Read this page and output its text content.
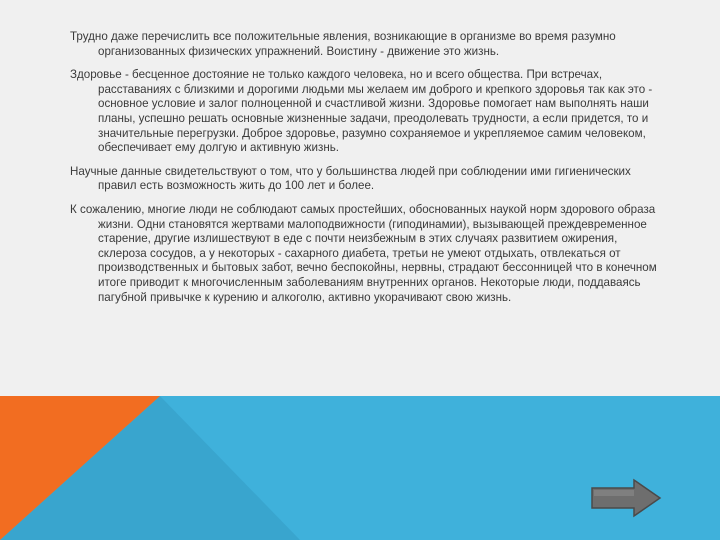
Трудно даже перечислить все положительные явления, возникающие в организме во время разумно организованных физических упражнений. Воистину - движение это жизнь.

Здоровье - бесценное достояние не только каждого человека, но и всего общества. При встречах, расставаниях с близкими и дорогими людьми мы желаем им доброго и крепкого здоровья так как это - основное условие и залог полноценной и счастливой жизни. Здоровье помогает нам выполнять наши планы, успешно решать основные жизненные задачи, преодолевать трудности, а если придется, то и значительные перегрузки. Доброе здоровье, разумно сохраняемое и укрепляемое самим человеком, обеспечивает ему долгую и активную жизнь.

Научные данные свидетельствуют о том, что у большинства людей при соблюдении ими гигиенических правил есть возможность жить до 100 лет и более.

К сожалению, многие люди не соблюдают самых простейших, обоснованных наукой норм здорового образа жизни. Одни становятся жертвами малоподвижности (гиподинамии), вызывающей преждевременное старение, другие излишествуют в еде с почти неизбежным в этих случаях развитием ожирения, склероза сосудов, а у некоторых - сахарного диабета, третьи не умеют отдыхать, отвлекаться от производственных и бытовых забот, вечно беспокойны, нервны, страдают бессонницей что в конечном итоге приводит к многочисленным заболеваниям внутренних органов. Некоторые люди, поддаваясь пагубной привычке к курению и алкоголю, активно укорачивают свою жизнь.
